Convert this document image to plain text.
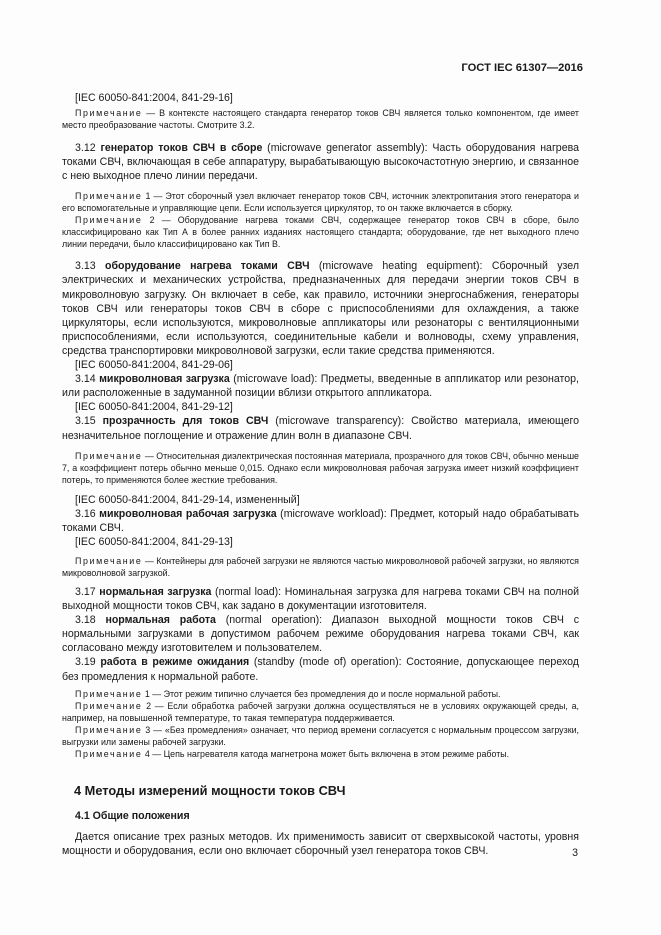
ГОСТ IEC 61307—2016

[IEC 60050-841:2004, 841-29-16]

Примечание — В контексте настоящего стандарта генератор токов СВЧ является только компонентом, где имеет место преобразование частоты. Смотрите 3.2.

3.12 генератор токов СВЧ в сборе (microwave generator assembly): Часть оборудования нагрева токами СВЧ, включающая в себе аппаратуру, вырабатывающую высокочастотную энергию, и связанное с нею выходное плечо линии передачи.

Примечание 1 — Этот сборочный узел включает генератор токов СВЧ, источник электропитания этого генератора и его вспомогательные и управляющие цепи. Если используется циркулятор, то он также включается в сборку.

Примечание 2 — Оборудование нагрева токами СВЧ, содержащее генератор токов СВЧ в сборе, было классифицировано как Тип А в более ранних изданиях настоящего стандарта; оборудование, где нет выходного плечо линии передачи, было классифицировано как Тип В.

3.13 оборудование нагрева токами СВЧ (microwave heating equipment): Сборочный узел электрических и механических устройства, предназначенных для передачи энергии токов СВЧ в микроволновую загрузку. Он включает в себе, как правило, источники энергоснабжения, генераторы токов СВЧ или генераторы токов СВЧ в сборе с приспособлениями для охлаждения, а также циркуляторы, если используются, микроволновые аппликаторы или резонаторы с вентиляционными приспособлениями, если используются, соединительные кабели и волноводы, схему управления, средства транспортировки микроволновой загрузки, если такие средства применяются.

[IEC 60050-841:2004, 841-29-06]

3.14 микроволновая загрузка (microwave load): Предметы, введенные в аппликатор или резонатор, или расположенные в задуманной позиции вблизи открытого аппликатора.

[IEC 60050-841:2004, 841-29-12]

3.15 прозрачность для токов СВЧ (microwave transparency): Свойство материала, имеющего незначительное поглощение и отражение длин волн в диапазоне СВЧ.

Примечание — Относительная диэлектрическая постоянная материала, прозрачного для токов СВЧ, обычно меньше 7, а коэффициент потерь обычно меньше 0,015. Однако если микроволновая рабочая загрузка имеет низкий коэффициент потерь, то применяются более жесткие требования.

[IEC 60050-841:2004, 841-29-14, измененный]

3.16 микроволновая рабочая загрузка (microwave workload): Предмет, который надо обрабатывать токами СВЧ.

[IEC 60050-841:2004, 841-29-13]

Примечание — Контейнеры для рабочей загрузки не являются частью микроволновой рабочей загрузки, но являются микроволновой загрузкой.

3.17 нормальная загрузка (normal load): Номинальная загрузка для нагрева токами СВЧ на полной выходной мощности токов СВЧ, как задано в документации изготовителя.

3.18 нормальная работа (normal operation): Диапазон выходной мощности токов СВЧ с нормальными загрузками в допустимом рабочем режиме оборудования нагрева токами СВЧ, как согласовано между изготовителем и пользователем.

3.19 работа в режиме ожидания (standby (mode of) operation): Состояние, допускающее переход без промедления к нормальной работе.

Примечание 1 — Этот режим типично случается без промедления до и после нормальной работы.

Примечание 2 — Если обработка рабочей загрузки должна осуществляться не в условиях окружающей среды, а, например, на повышенной температуре, то такая температура поддерживается.

Примечание 3 — «Без промедления» означает, что период времени согласуется с нормальным процессом загрузки, выгрузки или замены рабочей загрузки.

Примечание 4 — Цепь нагревателя катода магнетрона может быть включена в этом режиме работы.

4 Методы измерений мощности токов СВЧ
4.1 Общие положения

Дается описание трех разных методов. Их применимость зависит от сверхвысокой частоты, уровня мощности и оборудования, если оно включает сборочный узел генератора токов СВЧ.	3
